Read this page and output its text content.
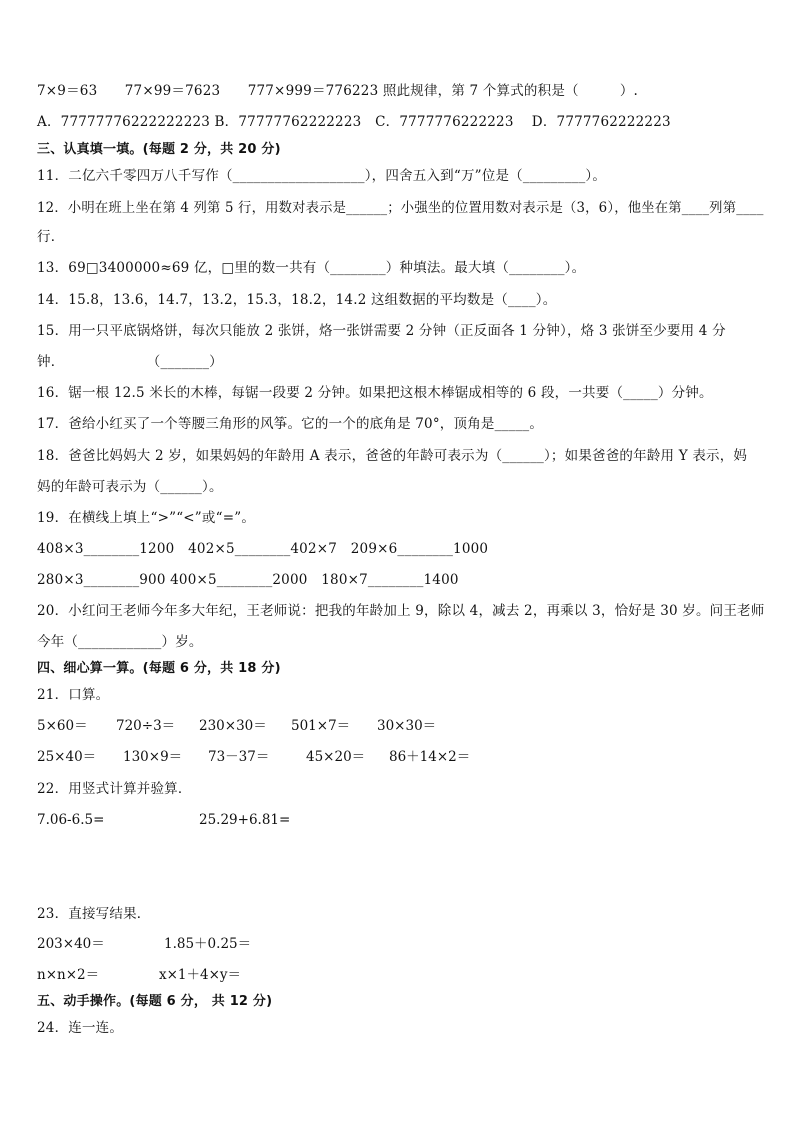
7×9＝63　　77×99＝7623　　777×999＝776223 照此规律，第 7 个算式的积是（　　　）.
A．77777776222222223 B．77777762222223　C．7777776222223　 D．7777762222223
三、认真填一填。(每题 2 分，共 20 分)
11．二亿六千零四万八千写作（___________________），四舍五入到“万”位是（_________）。
12．小明在班上坐在第 4 列第 5 行，用数对表示是______；小强坐的位置用数对表示是（3，6），他坐在第____列第____
行．
13．69□3400000≈69 亿，□里的数一共有（________）种填法。最大填（________）。
14．15.8，13.6，14.7，13.2，15.3，18.2，14.2 这组数据的平均数是（____）。
15．用一只平底锅烙饼，每次只能放 2 张饼，烙一张饼需要 2 分钟（正反面各 1 分钟），烙 3 张饼至少要用 4 分
钟．　　　　　　　（_______）
16．锯一根 12.5 米长的木棒，每锯一段要 2 分钟。如果把这根木棒锯成相等的 6 段，一共要（_____）分钟。
17．爸给小红买了一个等腰三角形的风筝。它的一个的底角是 70°，顶角是_____。
18．爸爸比妈妈大 2 岁，如果妈妈的年龄用 A 表示，爸爸的年龄可表示为（______）；如果爸爸的年龄用 Y 表示，妈
妈的年龄可表示为（______）。
19．在横线上填上“>”“<”或“=”。
408×3________1200　402×5________402×7　209×6________1000
280×3________900 400×5________2000　180×7________1400
20．小红问王老师今年多大年纪，王老师说：把我的年龄加上 9，除以 4，减去 2，再乘以 3，恰好是 30 岁。问王老师
今年（____________）岁。
四、细心算一算。(每题 6 分，共 18 分)
21．口算。
5×60＝ 720÷3＝ 230×30＝ 501×7＝ 30×30＝
25×40＝ 130×9＝ 73－37＝	45×20＝ 86＋14×2＝
22．用竖式计算并验算．
7.06-6.5=	25.29+6.81=
23．直接写结果．
203×40＝	1.85＋0.25＝
n×n×2＝	x×1＋4×y＝
五、动手操作。(每题 6 分， 共 12 分)
24．连一连。
